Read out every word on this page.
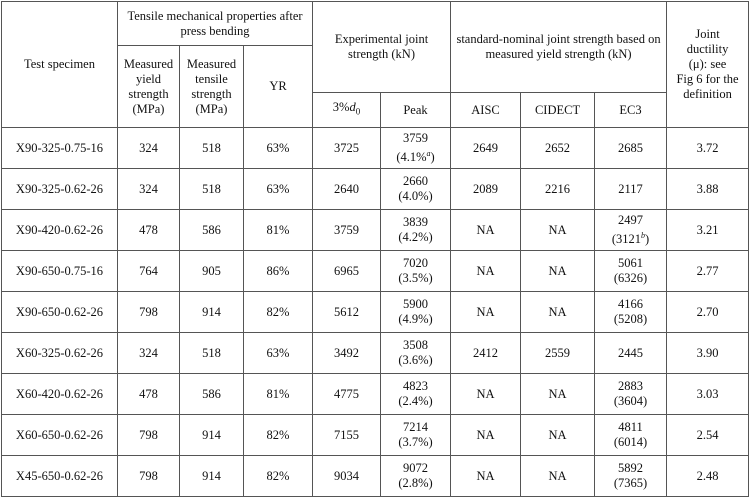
Test specimen	Tensile mechanical properties after press bending			Experimental joint strength (kN)		standard-nominal joint strength based on measured yield strength (kN)			Joint
ductility
(μ): see
Fig 6 for the
definition

	Measured yield strength (MPa)	Measured tensile strength (MPa)	YR						
				$3\%d_0$	Peak	AISC	CIDECT	EC3	
X90-325-0.75-16	324	518	63%	3725	3759
(4.1%$^a$)	2649	2652	2685	3.72
X90-325-0.62-26	324	518	63%	2640	2660
(4.0%)	2089	2216	2117	3.88
X90-420-0.62-26	478	586	81%	3759	3839
(4.2%)	NA	NA	2497
(3121$^b$)	3.21
X90-650-0.75-16	764	905	86%	6965	7020
(3.5%)	NA	NA	5061
(6326)	2.77
X90-650-0.62-26	798	914	82%	5612	5900
(4.9%)	NA	NA	4166
(5208)	2.70
X60-325-0.62-26	324	518	63%	3492	3508
(3.6%)	2412	2559	2445	3.90
X60-420-0.62-26	478	586	81%	4775	4823
(2.4%)	NA	NA	2883
(3604)	3.03
X60-650-0.62-26	798	914	82%	7155	7214
(3.7%)	NA	NA	4811
(6014)	2.54
X45-650-0.62-26	798	914	82%	9034	9072
(2.8%)	NA	NA	5892
(7365)	2.48
